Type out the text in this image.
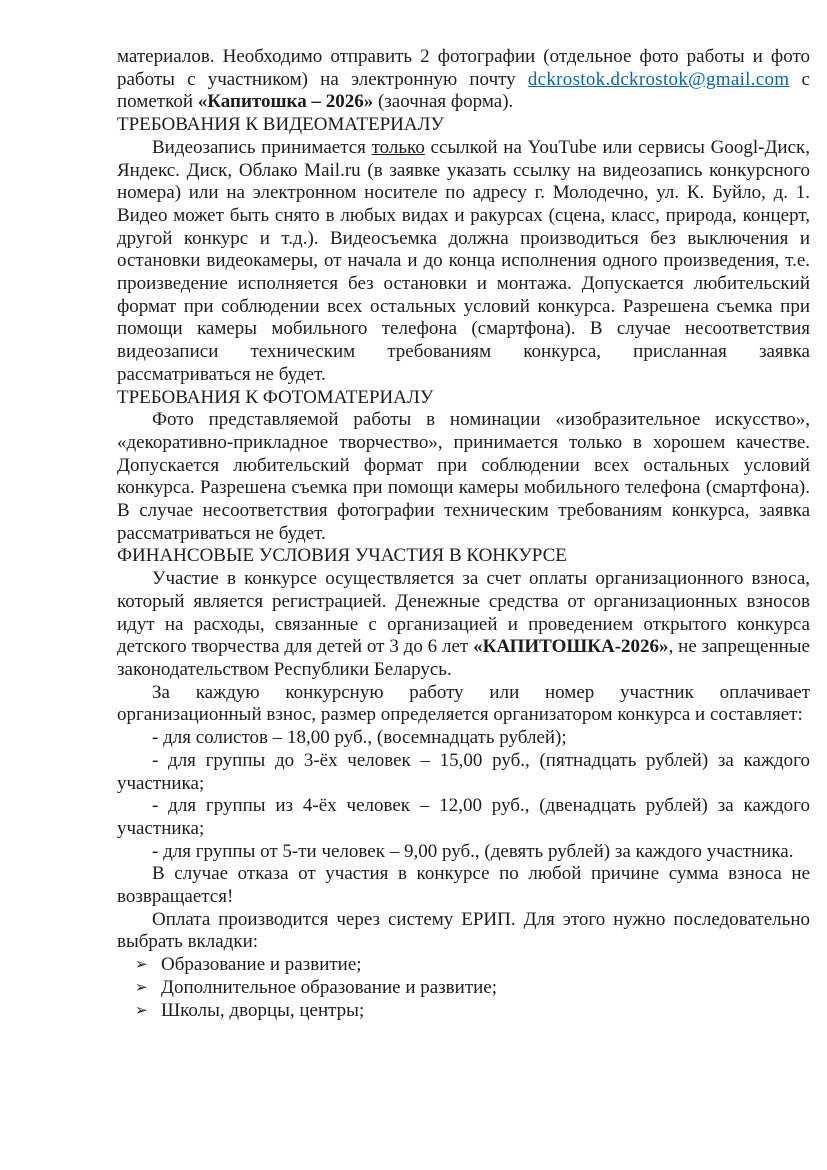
материалов. Необходимо отправить 2 фотографии (отдельное фото работы и фото работы с участником) на электронную почту dckrostok.dckrostok@gmail.com с пометкой «Капитошка – 2026» (заочная форма).

ТРЕБОВАНИЯ К ВИДЕОМАТЕРИАЛУ

Видеозапись принимается только ссылкой на YouTube или сервисы Googl-Диск, Яндекс. Диск, Облако Mail.ru (в заявке указать ссылку на видеозапись конкурсного номера) или на электронном носителе по адресу г. Молодечно, ул. К. Буйло, д. 1. Видео может быть снято в любых видах и ракурсах (сцена, класс, природа, концерт, другой конкурс и т.д.). Видеосъемка должна производиться без выключения и остановки видеокамеры, от начала и до конца исполнения одного произведения, т.е. произведение исполняется без остановки и монтажа. Допускается любительский формат при соблюдении всех остальных условий конкурса. Разрешена съемка при помощи камеры мобильного телефона (смартфона). В случае несоответствия видеозаписи техническим требованиям конкурса, присланная заявка рассматриваться не будет.

ТРЕБОВАНИЯ К ФОТОМАТЕРИАЛУ

Фото представляемой работы в номинации «изобразительное искусство», «декоративно-прикладное творчество», принимается только в хорошем качестве. Допускается любительский формат при соблюдении всех остальных условий конкурса. Разрешена съемка при помощи камеры мобильного телефона (смартфона). В случае несоответствия фотографии техническим требованиям конкурса, заявка рассматриваться не будет.

ФИНАНСОВЫЕ УСЛОВИЯ УЧАСТИЯ В КОНКУРСЕ

Участие в конкурсе осуществляется за счет оплаты организационного взноса, который является регистрацией. Денежные средства от организационных взносов идут на расходы, связанные с организацией и проведением открытого конкурса детского творчества для детей от 3 до 6 лет «КАПИТОШКА-2026», не запрещенные законодательством Республики Беларусь.

За каждую конкурсную работу или номер участник оплачивает организационный взнос, размер определяется организатором конкурса и составляет:

- для солистов – 18,00 руб., (восемнадцать рублей);

- для группы до 3-ёх человек – 15,00 руб., (пятнадцать рублей) за каждого участника;

- для группы из 4-ёх человек – 12,00 руб., (двенадцать рублей) за каждого участника;

- для группы от 5-ти человек – 9,00 руб., (девять рублей) за каждого участника.

В случае отказа от участия в конкурсе по любой причине сумма взноса не возвращается!

Оплата производится через систему ЕРИП. Для этого нужно последовательно выбрать вкладки:

➢ Образование и развитие;
➢ Дополнительное образование и развитие;
➢ Школы, дворцы, центры;
